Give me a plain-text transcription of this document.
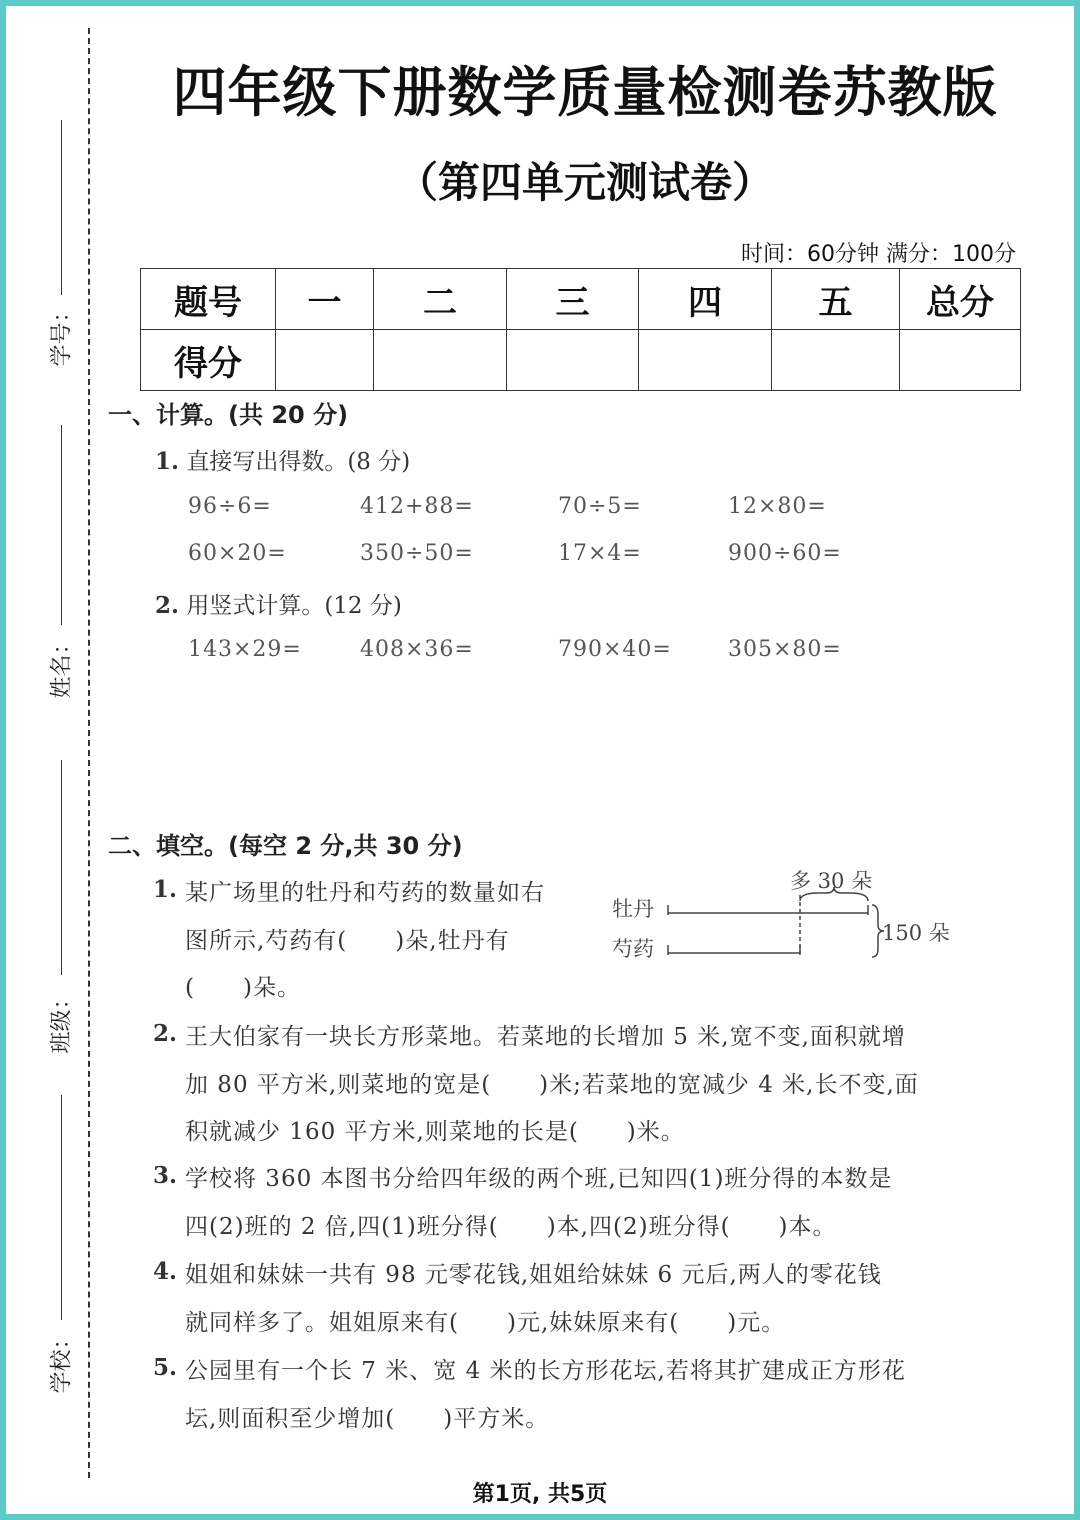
学号：
姓名：
班级：
学校：
四年级下册数学质量检测卷苏教版
（第四单元测试卷）
时间：60分钟 满分：100分
题号	一	二	三	四	五	总分
得分						
一、计算。(共 20 分)
1. 直接写出得数。(8 分)
96÷6=	412+88=	70÷5=	12×80=
60×20=	350÷50=	17×4=	900÷60=
2. 用竖式计算。(12 分)
143×29=	408×36=	790×40=	305×80=
二、填空。(每空 2 分,共 30 分)
1. 某广场里的牡丹和芍药的数量如右
图所示,芍药有(　　)朵,牡丹有
(　　)朵。
多 30 朵
牡丹
芍药
150 朵
2. 王大伯家有一块长方形菜地。若菜地的长增加 5 米,宽不变,面积就增
加 80 平方米,则菜地的宽是(　　)米;若菜地的宽减少 4 米,长不变,面
积就减少 160 平方米,则菜地的长是(　　)米。
3. 学校将 360 本图书分给四年级的两个班,已知四(1)班分得的本数是
四(2)班的 2 倍,四(1)班分得(　　)本,四(2)班分得(　　)本。
4. 姐姐和妹妹一共有 98 元零花钱,姐姐给妹妹 6 元后,两人的零花钱
就同样多了。姐姐原来有(　　)元,妹妹原来有(　　)元。
5. 公园里有一个长 7 米、宽 4 米的长方形花坛,若将其扩建成正方形花
坛,则面积至少增加(　　)平方米。
第1页, 共5页
